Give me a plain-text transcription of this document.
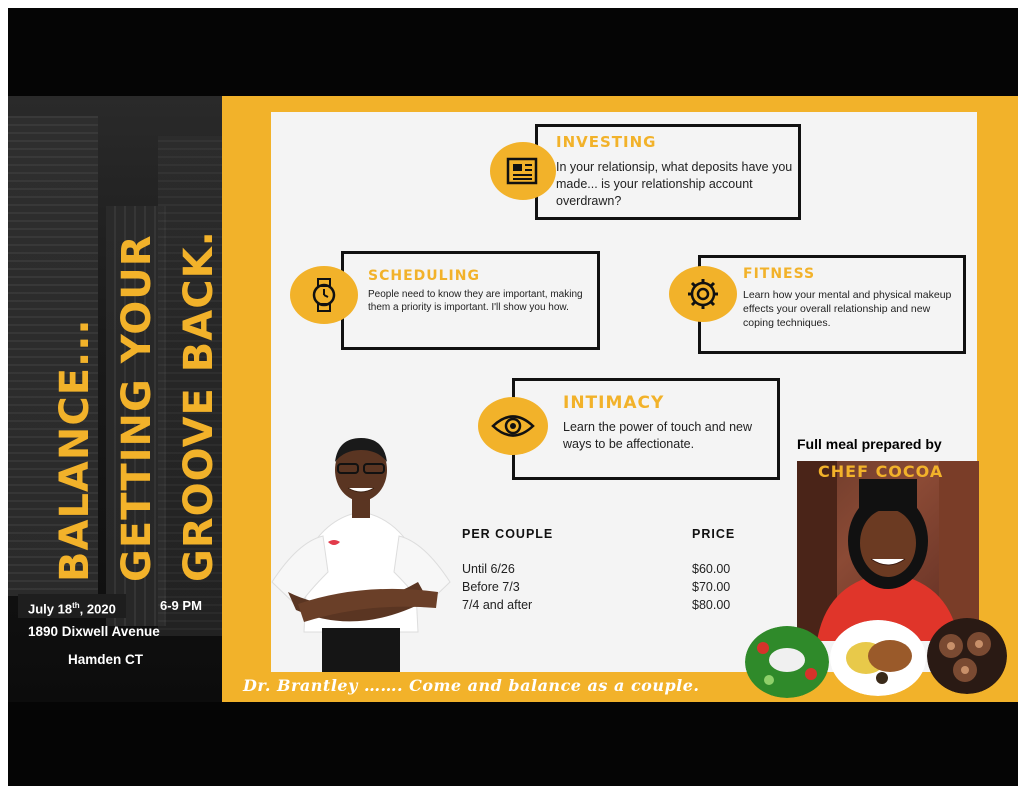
BALANCE... GETTING YOUR GROOVE BACK.
July 18th, 2020	6-9 PM
1890 Dixwell Avenue
Hamden CT
INVESTING

In your relationsip, what deposits have you made... is your relationship account overdrawn?

SCHEDULING

People need to know they are important, making them a priority is important. I'll show you how.

FITNESS

Learn how your mental and physical makeup effects your overall relationship and new coping techniques.

INTIMACY

Learn the power of touch and new ways to be affectionate.

PER COUPLE	PRICE
Until 6/26	$60.00
Before 7/3	$70.00
7/4 and after	$80.00
Full meal prepared by
CHEF COCOA
Dr. Brantley ……. Come and balance as a couple.
